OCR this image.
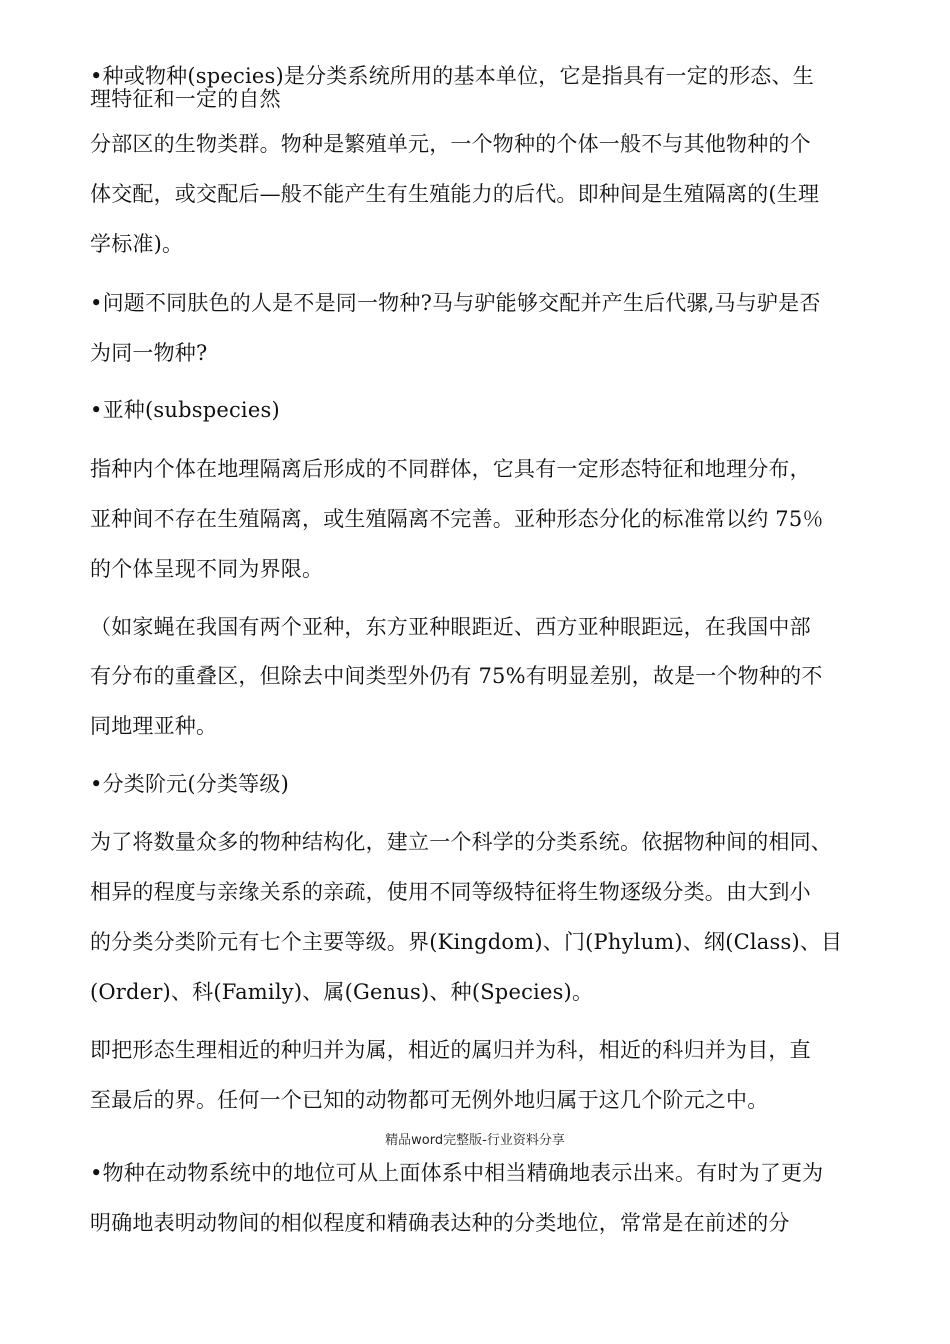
•种或物种(species)是分类系统所用的基本单位，它是指具有一定的形态、生
理特征和一定的自然
分部区的生物类群。物种是繁殖单元，一个物种的个体一般不与其他物种的个
体交配，或交配后—般不能产生有生殖能力的后代。即种间是生殖隔离的(生理
学标准)。
•问题不同肤色的人是不是同一物种?马与驴能够交配并产生后代骡,马与驴是否
为同一物种?
•亚种(subspecies)
指种内个体在地理隔离后形成的不同群体，它具有一定形态特征和地理分布，
亚种间不存在生殖隔离，或生殖隔离不完善。亚种形态分化的标准常以约 75％
的个体呈现不同为界限。
（如家蝇在我国有两个亚种，东方亚种眼距近、西方亚种眼距远，在我国中部
有分布的重叠区，但除去中间类型外仍有 75%有明显差别，故是一个物种的不
同地理亚种。
•分类阶元(分类等级)
为了将数量众多的物种结构化，建立一个科学的分类系统。依据物种间的相同、
相异的程度与亲缘关系的亲疏，使用不同等级特征将生物逐级分类。由大到小
的分类分类阶元有七个主要等级。界(Kingdom)、门(Phylum)、纲(Class)、目
(Order)、科(Family)、属(Genus)、种(Species)。
即把形态生理相近的种归并为属，相近的属归并为科，相近的科归并为目，直
至最后的界。任何一个已知的动物都可无例外地归属于这几个阶元之中。
精品word完整版-行业资料分享
•物种在动物系统中的地位可从上面体系中相当精确地表示出来。有时为了更为
明确地表明动物间的相似程度和精确表达种的分类地位，常常是在前述的分
